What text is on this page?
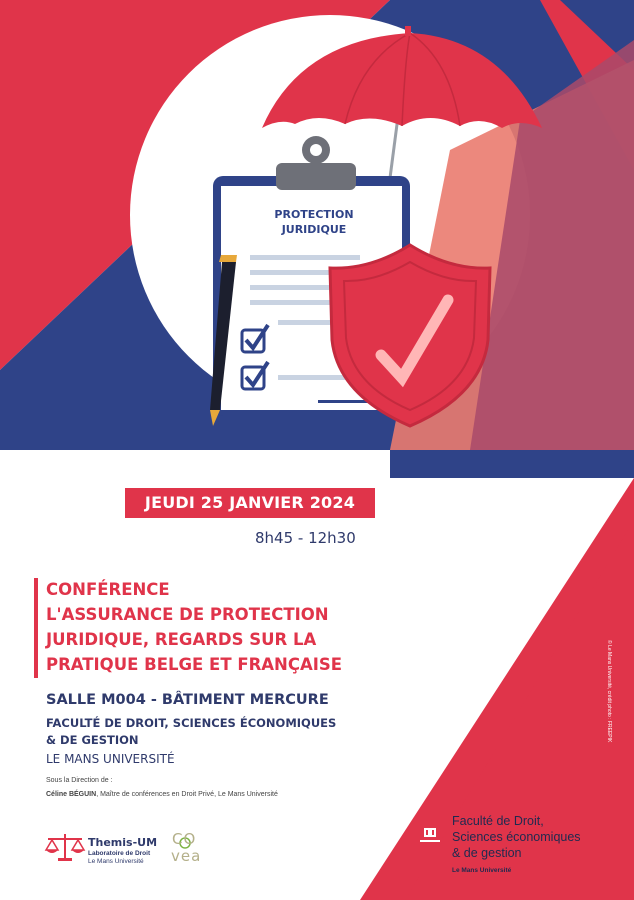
PROTECTION
JURIDIQUE
JEUDI 25 JANVIER 2024
8h45 - 12h30
CONFÉRENCE
L'ASSURANCE DE PROTECTION
JURIDIQUE, REGARDS SUR LA
PRATIQUE BELGE ET FRANÇAISE
SALLE M004 - BÂTIMENT MERCURE
FACULTÉ DE DROIT, SCIENCES ÉCONOMIQUES
& DE GESTION
LE MANS UNIVERSITÉ
Sous la Direction de :
Céline BÉGUIN, Maître de conférences en Droit Privé, Le Mans Université
© Le Mans Université, crédit photo : FREEPIK
Themis-UM
Laboratoire de Droit
Le Mans Université
CO
vea
Faculté de Droit,
Sciences économiques
& de gestion
Le Mans Université
